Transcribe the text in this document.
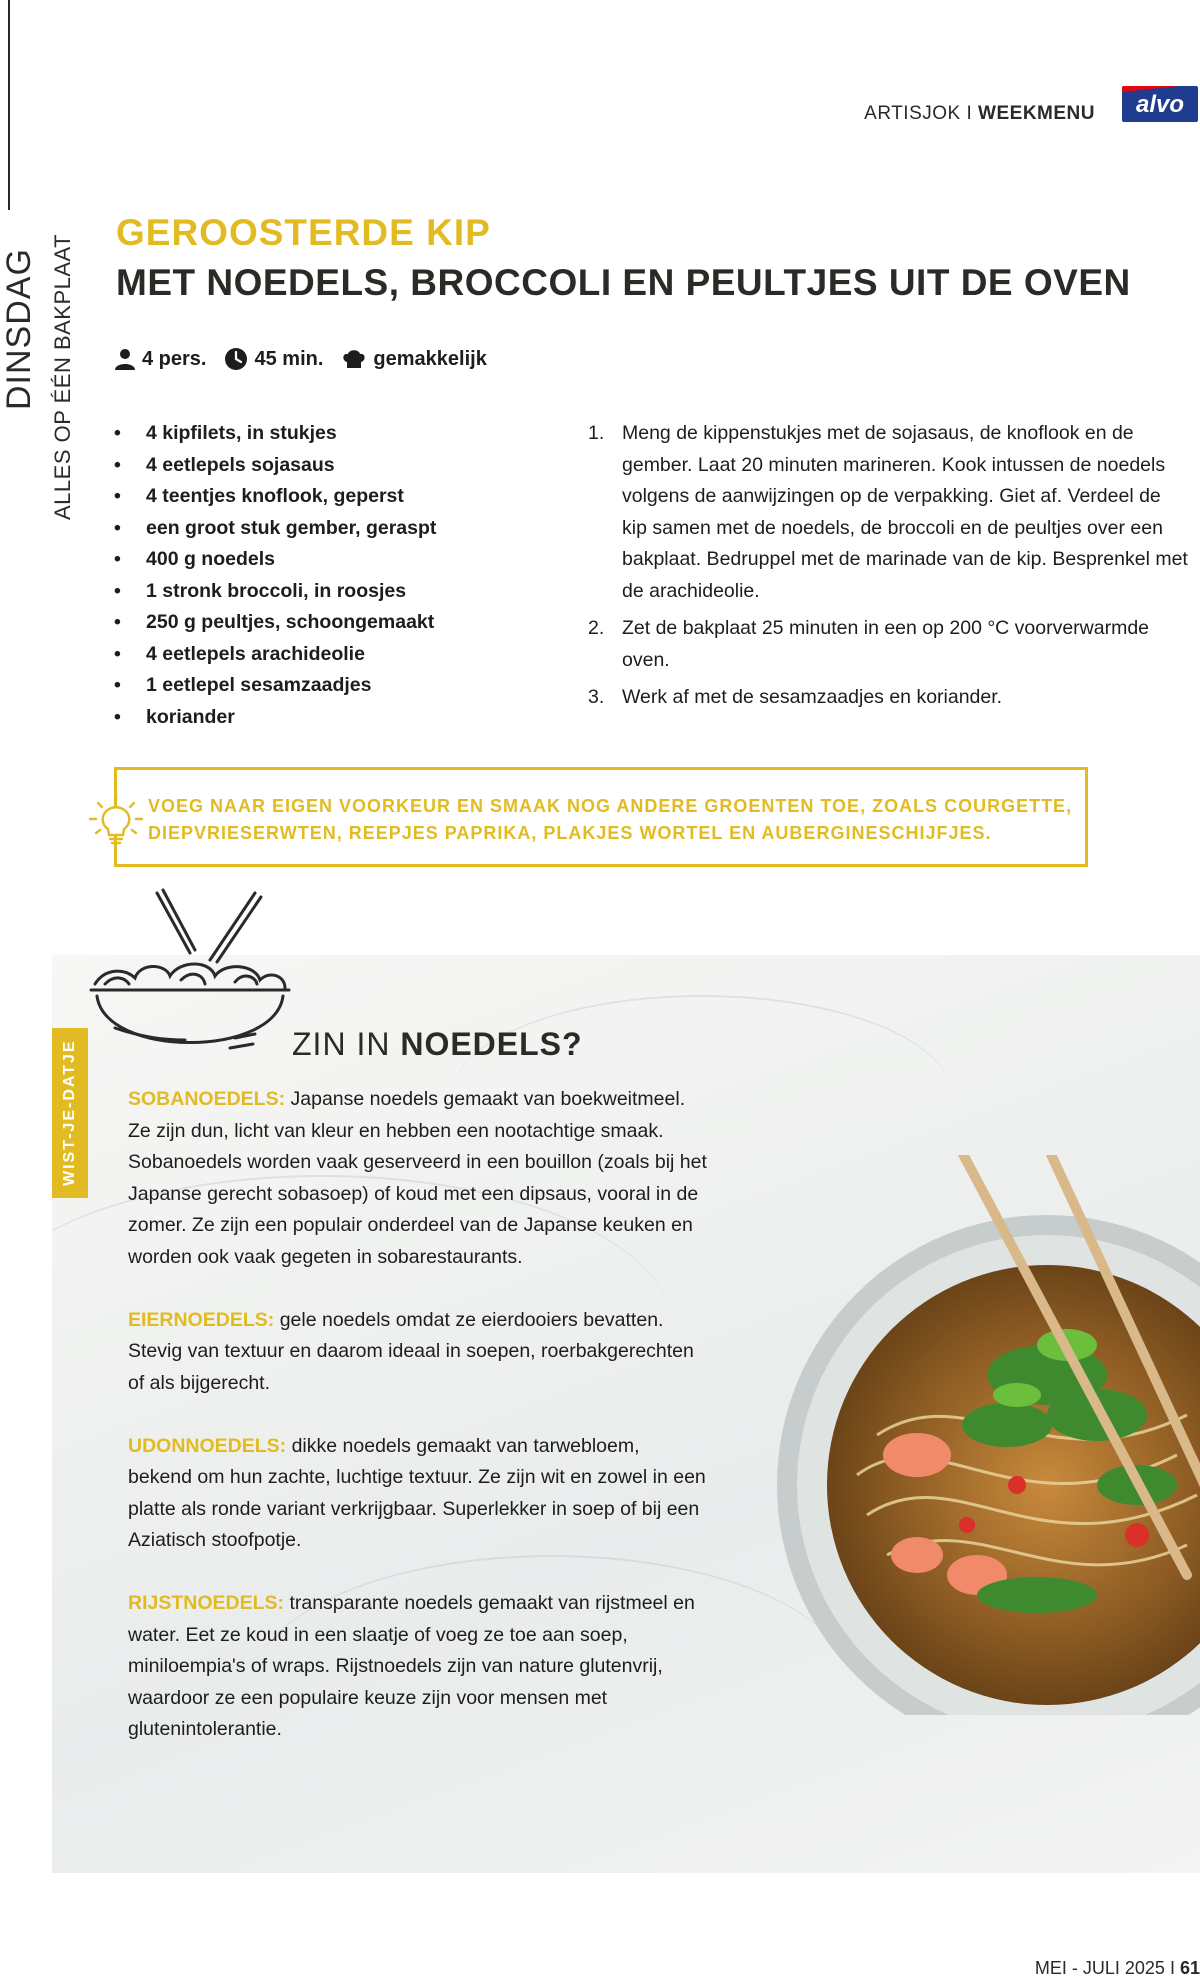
DINSDAG ALLES OP ÉÉN BAKPLAAT
ARTISJOK I WEEKMENU	alvo
GEROOSTERDE KIP
MET NOEDELS, BROCCOLI EN PEULTJES UIT DE OVEN
4 pers. 45 min.	gemakkelijk
• 4 kipfilets, in stukjes
• 4 eetlepels sojasaus
• 4 teentjes knoflook, geperst
• een groot stuk gember, geraspt
• 400 g noedels
• 1 stronk broccoli, in roosjes
• 250 g peultjes, schoongemaakt
• 4 eetlepels arachideolie
• 1 eetlepel sesamzaadjes
• koriander
1. Meng de kippenstukjes met de sojasaus, de knoflook en de gember. Laat 20 minuten marineren. Kook intussen de noedels volgens de aanwijzingen op de verpakking. Giet af. Verdeel de kip samen met de noedels, de broccoli en de peultjes over een bakplaat. Bedruppel met de marinade van de kip. Besprenkel met de arachideolie.
2. Zet de bakplaat 25 minuten in een op 200 °C voorverwarmde oven.
3. Werk af met de sesamzaadjes en koriander.
VOEG NAAR EIGEN VOORKEUR EN SMAAK NOG ANDERE GROENTEN TOE, ZOALS COURGETTE, DIEPVRIESERWTEN, REEPJES PAPRIKA, PLAKJES WORTEL EN AUBERGINESCHIJFJES.
WIST-JE-DATJE	ZIN IN NOEDELS?

SOBANOEDELS: Japanse noedels gemaakt van boekweitmeel. Ze zijn dun, licht van kleur en hebben een nootachtige smaak. Sobanoedels worden vaak geserveerd in een bouillon (zoals bij het Japanse gerecht sobasoep) of koud met een dipsaus, vooral in de zomer. Ze zijn een populair onderdeel van de Japanse keuken en worden ook vaak gegeten in sobarestaurants.

EIERNOEDELS: gele noedels omdat ze eierdooiers bevatten. Stevig van textuur en daarom ideaal in soepen, roerbakgerechten of als bijgerecht.

UDONNOEDELS: dikke noedels gemaakt van tarwebloem, bekend om hun zachte, luchtige textuur. Ze zijn wit en zowel in een platte als ronde variant verkrijgbaar. Superlekker in soep of bij een Aziatisch stoofpotje.

RIJSTNOEDELS: transparante noedels gemaakt van rijstmeel en water. Eet ze koud in een slaatje of voeg ze toe aan soep, miniloempia's of wraps. Rijstnoedels zijn van nature glutenvrij, waardoor ze een populaire keuze zijn voor mensen met glutenintolerantie.

MEI - JULI 2025 I 61
